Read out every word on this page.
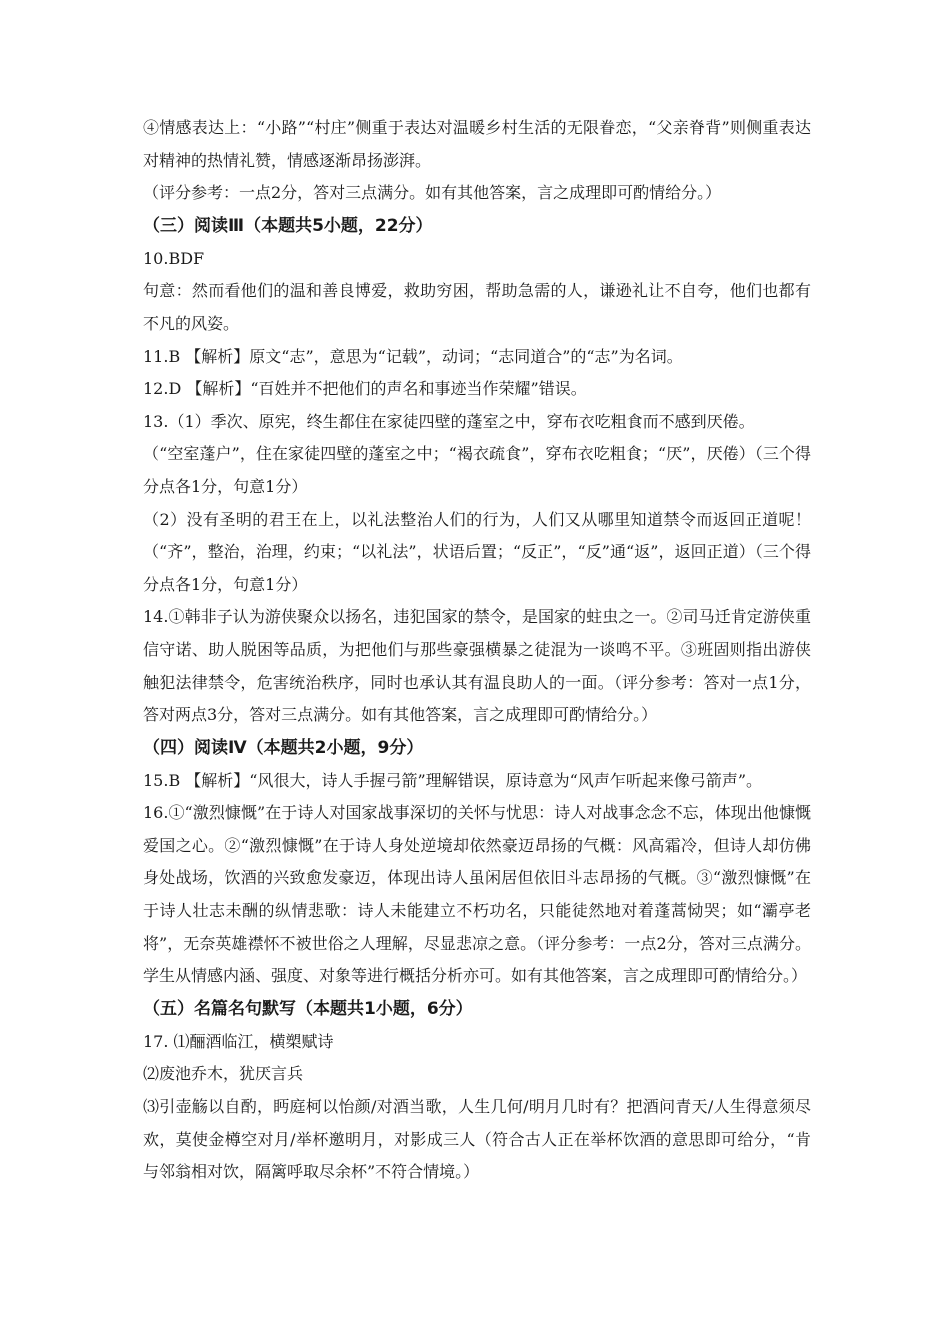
④情感表达上：“小路”“村庄”侧重于表达对温暖乡村生活的无限眷恋，“父亲脊背”则侧重表达对精神的热情礼赞，情感逐渐昂扬澎湃。

（评分参考：一点2分，答对三点满分。如有其他答案，言之成理即可酌情给分。）

（三）阅读Ⅲ（本题共5小题，22分）

10.BDF

句意：然而看他们的温和善良博爱，救助穷困，帮助急需的人，谦逊礼让不自夸，他们也都有不凡的风姿。

11.B 【解析】原文“志”，意思为“记载”，动词；“志同道合”的“志”为名词。

12.D 【解析】“百姓并不把他们的声名和事迹当作荣耀”错误。

13.（1）季次、原宪，终生都住在家徒四壁的蓬室之中，穿布衣吃粗食而不感到厌倦。

（“空室蓬户”，住在家徒四壁的蓬室之中；“褐衣疏食”，穿布衣吃粗食；“厌”，厌倦）（三个得分点各1分，句意1分）

（2）没有圣明的君王在上，以礼法整治人们的行为，人们又从哪里知道禁令而返回正道呢！（“齐”，整治，治理，约束；“以礼法”，状语后置；“反正”，“反”通“返”，返回正道）（三个得分点各1分，句意1分）

14.①韩非子认为游侠聚众以扬名，违犯国家的禁令，是国家的蛀虫之一。②司马迁肯定游侠重信守诺、助人脱困等品质，为把他们与那些豪强横暴之徒混为一谈鸣不平。③班固则指出游侠触犯法律禁令，危害统治秩序，同时也承认其有温良助人的一面。（评分参考：答对一点1分，答对两点3分，答对三点满分。如有其他答案，言之成理即可酌情给分。）

（四）阅读Ⅳ（本题共2小题，9分）

15.B 【解析】“风很大，诗人手握弓箭”理解错误，原诗意为“风声乍听起来像弓箭声”。

16.①“激烈慷慨”在于诗人对国家战事深切的关怀与忧思：诗人对战事念念不忘，体现出他慷慨爱国之心。②“激烈慷慨”在于诗人身处逆境却依然豪迈昂扬的气概：风高霜冷，但诗人却仿佛身处战场，饮酒的兴致愈发豪迈，体现出诗人虽闲居但依旧斗志昂扬的气概。③“激烈慷慨”在于诗人壮志未酬的纵情悲歌：诗人未能建立不朽功名，只能徒然地对着蓬蒿恸哭；如“灞亭老将”，无奈英雄襟怀不被世俗之人理解，尽显悲凉之意。（评分参考：一点2分，答对三点满分。学生从情感内涵、强度、对象等进行概括分析亦可。如有其他答案，言之成理即可酌情给分。）

（五）名篇名句默写（本题共1小题，6分）

17. ⑴酾酒临江，横槊赋诗

⑵废池乔木，犹厌言兵

⑶引壶觞以自酌，眄庭柯以怡颜/对酒当歌，人生几何/明月几时有？把酒问青天/人生得意须尽欢，莫使金樽空对月/举杯邀明月，对影成三人（符合古人正在举杯饮酒的意思即可给分，“肯与邻翁相对饮，隔篱呼取尽余杯”不符合情境。）
